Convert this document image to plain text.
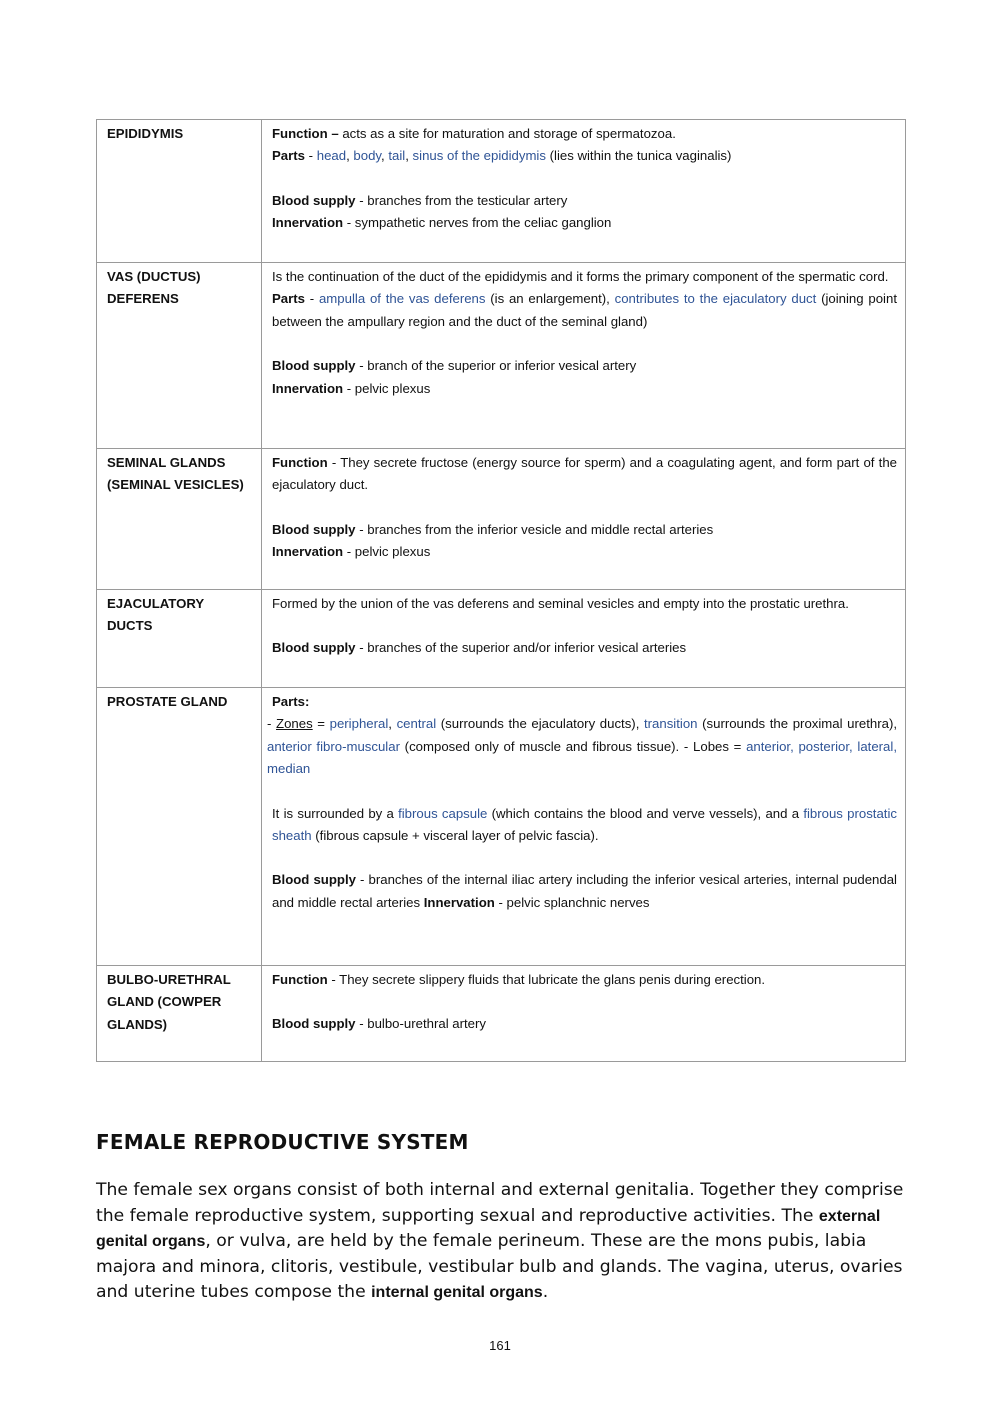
EPIDIDYMIS	Function – acts as a site for maturation and storage of spermatozoa.
Parts - head, body, tail, sinus of the epididymis (lies within the tunica vaginalis)
Blood supply - branches from the testicular artery
Innervation - sympathetic nerves from the celiac ganglion

VAS (DUCTUS) DEFERENS	Is the continuation of the duct of the epididymis and it forms the primary component of the spermatic cord.
Parts - ampulla of the vas deferens (is an enlargement), contributes to the ejaculatory duct (joining point between the ampullary region and the duct of the seminal gland)
Blood supply - branch of the superior or inferior vesical artery
Innervation - pelvic plexus

SEMINAL GLANDS (SEMINAL VESICLES)	Function - They secrete fructose (energy source for sperm) and a coagulating agent, and form part of the ejaculatory duct.
Blood supply - branches from the inferior vesicle and middle rectal arteries
Innervation - pelvic plexus

EJACULATORY DUCTS	Formed by the union of the vas deferens and seminal vesicles and empty into the prostatic urethra.
Blood supply - branches of the superior and/or inferior vesical arteries

PROSTATE GLAND	Parts:
- Zones = peripheral, central (surrounds the ejaculatory ducts), transition (surrounds the proximal urethra), anterior fibro-muscular (composed only of muscle and fibrous tissue). - Lobes = anterior, posterior, lateral, median
It is surrounded by a fibrous capsule (which contains the blood and verve vessels), and a fibrous prostatic sheath (fibrous capsule + visceral layer of pelvic fascia).
Blood supply - branches of the internal iliac artery including the inferior vesical arteries, internal pudendal and middle rectal arteries Innervation - pelvic splanchnic nerves

BULBO-URETHRAL GLAND (COWPER GLANDS)	Function - They secrete slippery fluids that lubricate the glans penis during erection.
Blood supply - bulbo-urethral artery
FEMALE REPRODUCTIVE SYSTEM

The female sex organs consist of both internal and external genitalia. Together they comprise the female reproductive system, supporting sexual and reproductive activities. The external genital organs, or vulva, are held by the female perineum. These are the mons pubis, labia majora and minora, clitoris, vestibule, vestibular bulb and glands. The vagina, uterus, ovaries and uterine tubes compose the internal genital organs.

161
